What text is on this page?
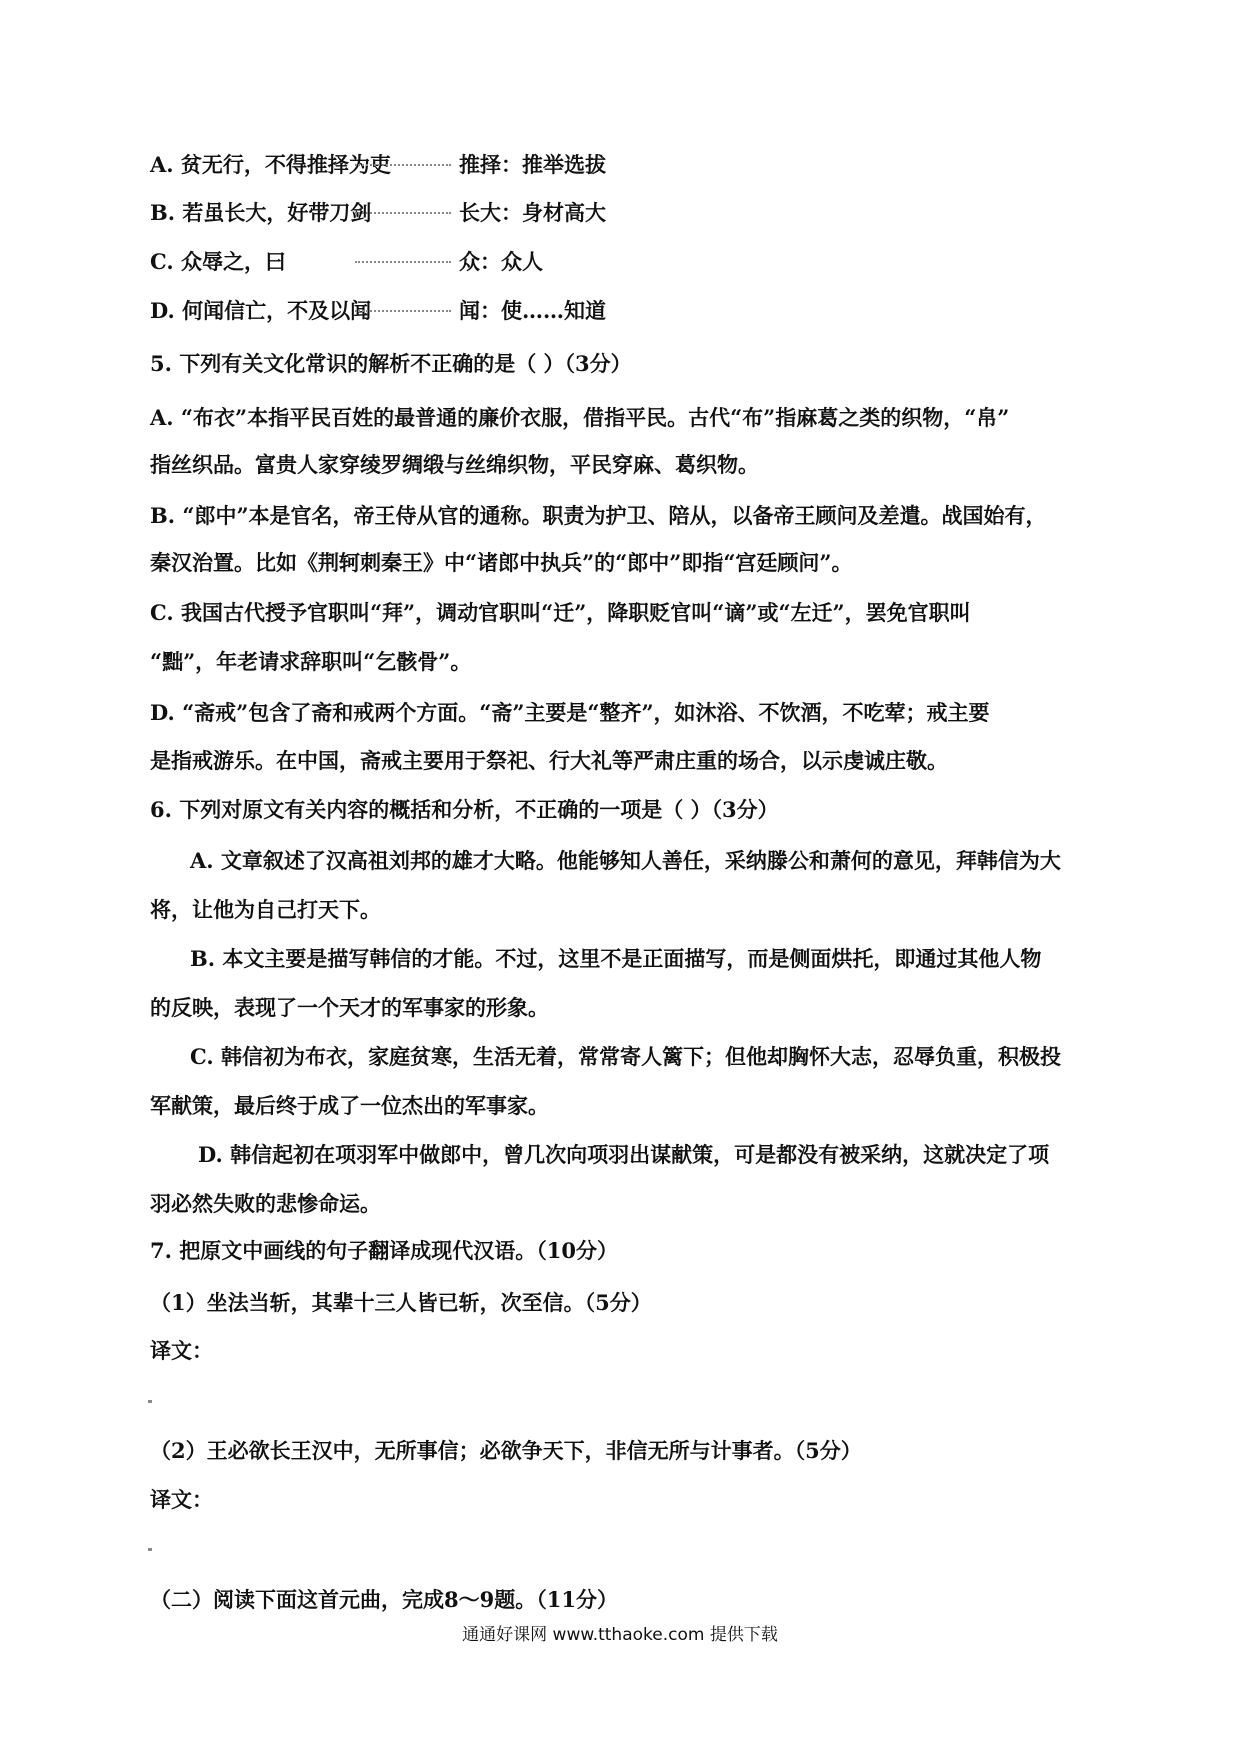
A. 贫无行，不得推择为吏	推择：推举选拔
B. 若虽长大，好带刀剑	长大：身材高大
C. 众辱之，曰	众：众人
D. 何闻信亡，不及以闻	闻：使……知道
5. 下列有关文化常识的解析不正确的是（ ）（3分）
A. “布衣”本指平民百姓的最普通的廉价衣服，借指平民。古代“布”指麻葛之类的织物，“帛”
指丝织品。富贵人家穿绫罗绸缎与丝绵织物，平民穿麻、葛织物。
B. “郎中”本是官名，帝王侍从官的通称。职责为护卫、陪从，以备帝王顾问及差遣。战国始有，
秦汉治置。比如《荆轲刺秦王》中“诸郎中执兵”的“郎中”即指“宫廷顾问”。
C. 我国古代授予官职叫“拜”，调动官职叫“迁”，降职贬官叫“谪”或“左迁”，罢免官职叫
“黜”，年老请求辞职叫“乞骸骨”。
D. “斋戒”包含了斋和戒两个方面。“斋”主要是“整齐”，如沐浴、不饮酒，不吃荤；戒主要
是指戒游乐。在中国，斋戒主要用于祭祀、行大礼等严肃庄重的场合，以示虔诚庄敬。
6. 下列对原文有关内容的概括和分析，不正确的一项是（ ）（3分）
A. 文章叙述了汉高祖刘邦的雄才大略。他能够知人善任，采纳滕公和萧何的意见，拜韩信为大
将，让他为自己打天下。
B. 本文主要是描写韩信的才能。不过，这里不是正面描写，而是侧面烘托，即通过其他人物
的反映，表现了一个天才的军事家的形象。
C. 韩信初为布衣，家庭贫寒，生活无着，常常寄人篱下；但他却胸怀大志，忍辱负重，积极投
军献策，最后终于成了一位杰出的军事家。
D. 韩信起初在项羽军中做郎中，曾几次向项羽出谋献策，可是都没有被采纳，这就决定了项
羽必然失败的悲惨命运。
7. 把原文中画线的句子翻译成现代汉语。（10分）
（1）坐法当斩，其辈十三人皆已斩，次至信。（5分）
译文：
（2）王必欲长王汉中，无所事信；必欲争天下，非信无所与计事者。（5分）
译文：
（二）阅读下面这首元曲，完成8～9题。（11分）
通通好课网 www.tthaoke.com 提供下载
